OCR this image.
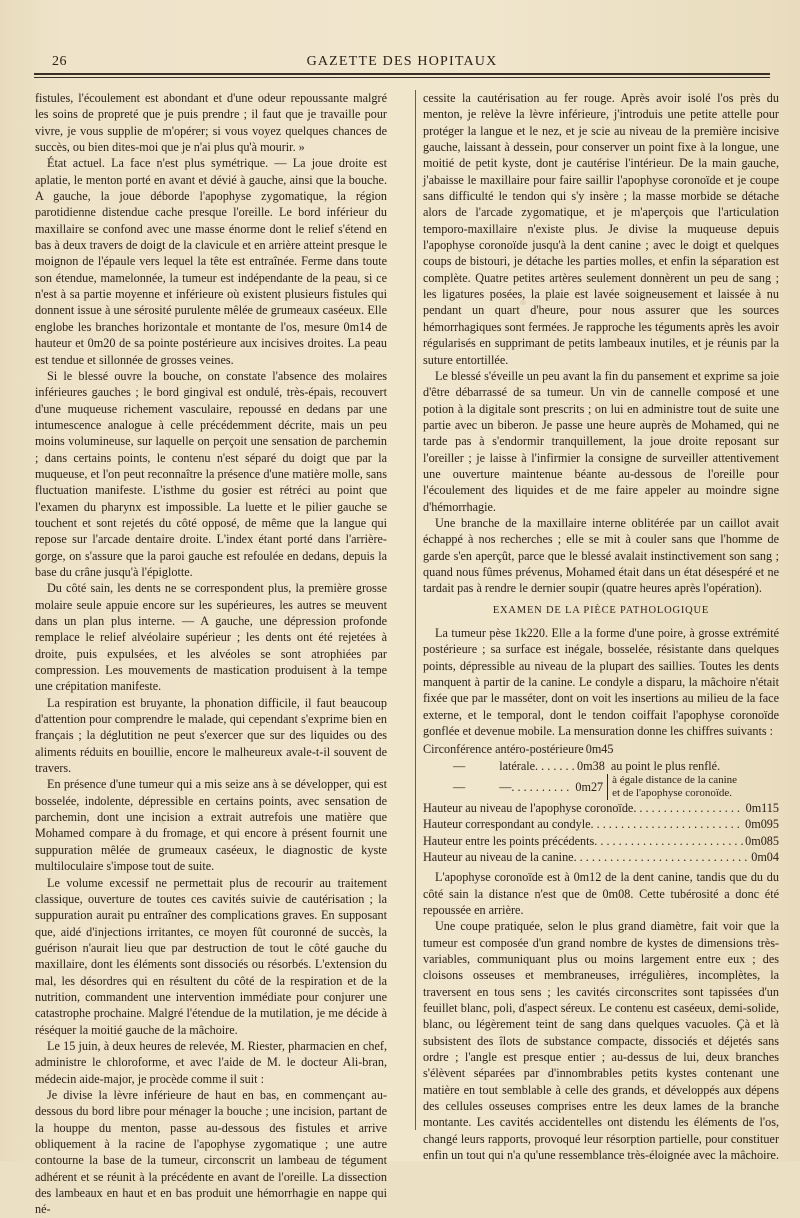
26	GAZETTE DES HOPITAUX

fistules, l'écoulement est abondant et d'une odeur repoussante malgré les soins de propreté que je puis prendre ; il faut que je travaille pour vivre, je vous supplie de m'opérer; si vous voyez quelques chances de succès, ou bien dites-moi que je n'ai plus qu'à mourir. »

État actuel. La face n'est plus symétrique. — La joue droite est aplatie, le menton porté en avant et dévié à gauche, ainsi que la bouche. A gauche, la joue déborde l'apophyse zygomatique, la région parotidienne distendue cache presque l'oreille. Le bord inférieur du maxillaire se confond avec une masse énorme dont le relief s'étend en bas à deux travers de doigt de la clavicule et en arrière atteint presque le moignon de l'épaule vers lequel la tête est entraînée. Ferme dans toute son étendue, mamelonnée, la tumeur est indépendante de la peau, si ce n'est à sa partie moyenne et inférieure où existent plusieurs fistules qui donnent issue à une sérosité purulente mêlée de grumeaux caséeux. Elle englobe les branches horizontale et montante de l'os, mesure 0m14 de hauteur et 0m20 de sa pointe postérieure aux incisives droites. La peau est tendue et sillonnée de grosses veines.

Si le blessé ouvre la bouche, on constate l'absence des molaires inférieures gauches ; le bord gingival est ondulé, très-épais, recouvert d'une muqueuse richement vasculaire, repoussé en dedans par une intumescence analogue à celle précédemment décrite, mais un peu moins volumineuse, sur laquelle on perçoit une sensation de parchemin ; dans certains points, le contenu n'est séparé du doigt que par la muqueuse, et l'on peut reconnaître la présence d'une matière molle, sans fluctuation manifeste. L'isthme du gosier est rétréci au point que l'examen du pharynx est impossible. La luette et le pilier gauche se touchent et sont rejetés du côté opposé, de même que la langue qui repose sur l'arcade dentaire droite. L'index étant porté dans l'arrière-gorge, on s'assure que la paroi gauche est refoulée en dedans, depuis la base du crâne jusqu'à l'épiglotte.

Du côté sain, les dents ne se correspondent plus, la première grosse molaire seule appuie encore sur les supérieures, les autres se meuvent dans un plan plus interne. — A gauche, une dépression profonde remplace le relief alvéolaire supérieur ; les dents ont été rejetées à droite, puis expulsées, et les alvéoles se sont atrophiées par compression. Les mouvements de mastication produisent à la tempe une crépitation manifeste.

La respiration est bruyante, la phonation difficile, il faut beaucoup d'attention pour comprendre le malade, qui cependant s'exprime bien en français ; la déglutition ne peut s'exercer que sur des liquides ou des aliments réduits en bouillie, encore le malheureux avale-t-il souvent de travers.

En présence d'une tumeur qui a mis seize ans à se développer, qui est bosselée, indolente, dépressible en certains points, avec sensation de parchemin, dont une incision a extrait autrefois une matière que Mohamed compare à du fromage, et qui encore à présent fournit une suppuration mêlée de grumeaux caséeux, le diagnostic de kyste multiloculaire s'impose tout de suite.

Le volume excessif ne permettait plus de recourir au traitement classique, ouverture de toutes ces cavités suivie de cautérisation ; la suppuration aurait pu entraîner des complications graves. En supposant que, aidé d'injections irritantes, ce moyen fût couronné de succès, la guérison n'aurait lieu que par destruction de tout le côté gauche du maxillaire, dont les éléments sont dissociés ou résorbés. L'extension du mal, les désordres qui en résultent du côté de la respiration et de la nutrition, commandent une intervention immédiate pour conjurer une catastrophe prochaine. Malgré l'étendue de la mutilation, je me décide à réséquer la moitié gauche de la mâchoire.

Le 15 juin, à deux heures de relevée, M. Riester, pharmacien en chef, administre le chloroforme, et avec l'aide de M. le docteur Ali-bran, médecin aide-major, je procède comme il suit :

Je divise la lèvre inférieure de haut en bas, en commençant au-dessous du bord libre pour ménager la bouche ; une incision, partant de la houppe du menton, passe au-dessous des fistules et arrive obliquement à la racine de l'apophyse zygomatique ; une autre contourne la base de la tumeur, circonscrit un lambeau de tégument adhérent et se réunit à la précédente en avant de l'oreille. La dissection des lambeaux en haut et en bas produit une hémorrhagie en nappe qui né-

cessite la cautérisation au fer rouge. Après avoir isolé l'os près du menton, je relève la lèvre inférieure, j'introduis une petite attelle pour protéger la langue et le nez, et je scie au niveau de la première incisive gauche, laissant à dessein, pour conserver un point fixe à la longue, une moitié de petit kyste, dont je cautérise l'intérieur. De la main gauche, j'abaisse le maxillaire pour faire saillir l'apophyse coronoïde et je coupe sans difficulté le tendon qui s'y insère ; la masse morbide se détache alors de l'arcade zygomatique, et je m'aperçois que l'articulation temporo-maxillaire n'existe plus. Je divise la muqueuse depuis l'apophyse coronoïde jusqu'à la dent canine ; avec le doigt et quelques coups de bistouri, je détache les parties molles, et enfin la séparation est complète. Quatre petites artères seulement donnèrent un peu de sang ; les ligatures posées, la plaie est lavée soigneusement et laissée à nu pendant un quart d'heure, pour nous assurer que les sources hémorrhagiques sont fermées. Je rapproche les téguments après les avoir régularisés en supprimant de petits lambeaux inutiles, et je réunis par la suture entortillée.

Le blessé s'éveille un peu avant la fin du pansement et exprime sa joie d'être débarrassé de sa tumeur. Un vin de cannelle composé et une potion à la digitale sont prescrits ; on lui en administre tout de suite une partie avec un biberon. Je passe une heure auprès de Mohamed, qui ne tarde pas à s'endormir tranquillement, la joue droite reposant sur l'oreiller ; je laisse à l'infirmier la consigne de surveiller attentivement une ouverture maintenue béante au-dessous de l'oreille pour l'écoulement des liquides et de me faire appeler au moindre signe d'hémorrhagie.

Une branche de la maxillaire interne oblitérée par un caillot avait échappé à nos recherches ; elle se mit à couler sans que l'homme de garde s'en aperçût, parce que le blessé avalait instinctivement son sang ; quand nous fûmes prévenus, Mohamed était dans un état désespéré et ne tardait pas à rendre le dernier soupir (quatre heures après l'opération).

EXAMEN DE LA PIÈCE PATHOLOGIQUE

La tumeur pèse 1k220. Elle a la forme d'une poire, à grosse extrémité postérieure ; sa surface est inégale, bosselée, résistante dans quelques points, dépressible au niveau de la plupart des saillies. Toutes les dents manquent à partir de la canine. Le condyle a disparu, la mâchoire n'était fixée que par le masséter, dont on voit les insertions au milieu de la face externe, et le temporal, dont le tendon coiffait l'apophyse coronoïde gonflée et devenue mobile. La mensuration donne les chiffres suivants :

Circonférence antéro-postérieure 0m45
—	latérale . . .	0m38 au point le plus renflé.
—	— . . .	0m27 à égale distance de la canine
et de l'apophyse coronoïde.
Hauteur au niveau de l'apophyse coronoïde . . .	0m115
Hauteur correspondant au condyle . . .	0m095
Hauteur entre les points précédents . . .	0m085
Hauteur au niveau de la canine . . .	0m04

L'apophyse coronoïde est à 0m12 de la dent canine, tandis que du du côté sain la distance n'est que de 0m08. Cette tubérosité a donc été repoussée en arrière.

Une coupe pratiquée, selon le plus grand diamètre, fait voir que la tumeur est composée d'un grand nombre de kystes de dimensions très-variables, communiquant plus ou moins largement entre eux ; des cloisons osseuses et membraneuses, irrégulières, incomplètes, la traversent en tous sens ; les cavités circonscrites sont tapissées d'un feuillet blanc, poli, d'aspect séreux. Le contenu est caséeux, demi-solide, blanc, ou légèrement teint de sang dans quelques vacuoles. Çà et là subsistent des îlots de substance compacte, dissociés et déjetés sans ordre ; l'angle est presque entier ; au-dessus de lui, deux branches s'élèvent séparées par d'innombrables petits kystes contenant une matière en tout semblable à celle des grands, et développés aux dépens des cellules osseuses comprises entre les deux lames de la branche montante. Les cavités accidentelles ont distendu les éléments de l'os, changé leurs rapports, provoqué leur résorption partielle, pour constituer enfin un tout qui n'a qu'une ressemblance très-éloignée avec la mâchoire.
